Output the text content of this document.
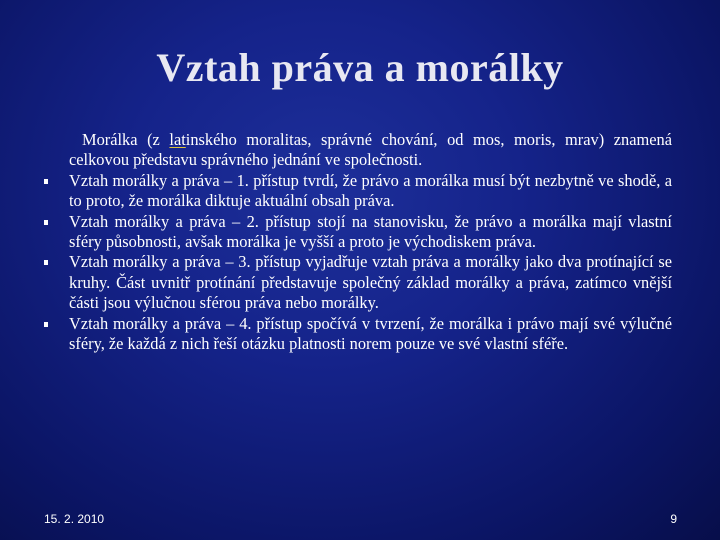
Vztah práva a morálky
Morálka (z latinského moralitas, správné chování, od mos, moris, mrav) znamená celkovou představu správného jednání ve společnosti.
Vztah morálky a práva – 1. přístup tvrdí, že právo a morálka musí být nezbytně ve shodě, a to proto, že morálka diktuje aktuální obsah práva.
Vztah morálky a práva – 2. přístup stojí na stanovisku, že právo a morálka mají vlastní sféry působnosti, avšak morálka je vyšší a proto je východiskem práva.
Vztah morálky a práva – 3. přístup vyjadřuje vztah práva a morálky jako dva protínající se kruhy. Část uvnitř protínání představuje společný základ morálky a práva, zatímco vnější části jsou výlučnou sférou práva nebo morálky.
Vztah morálky a práva – 4. přístup spočívá v tvrzení, že morálka i právo mají své výlučné sféry, že každá z nich řeší otázku platnosti norem pouze ve své vlastní sféře.
15. 2. 2010	9
